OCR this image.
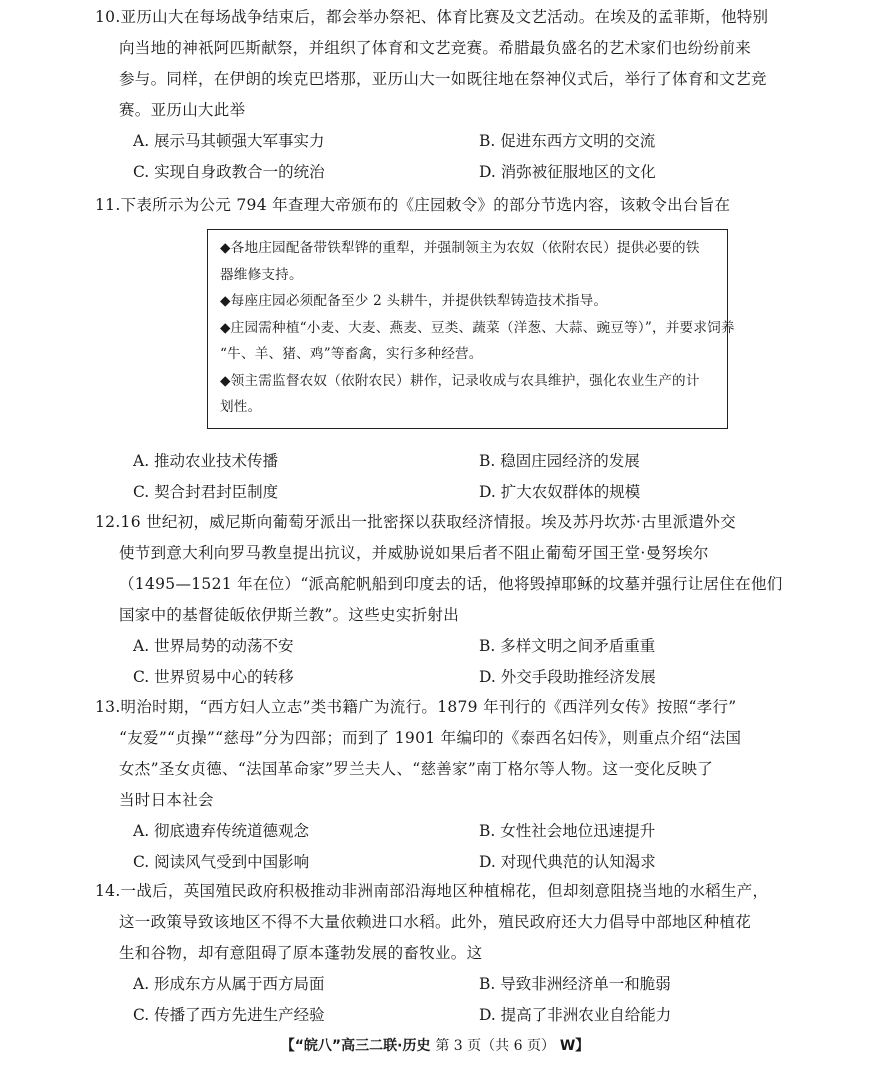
10.亚历山大在每场战争结束后，都会举办祭祀、体育比赛及文艺活动。在埃及的孟菲斯，他特别
向当地的神祇阿匹斯献祭，并组织了体育和文艺竞赛。希腊最负盛名的艺术家们也纷纷前来
参与。同样，在伊朗的埃克巴塔那，亚历山大一如既往地在祭神仪式后，举行了体育和文艺竞
赛。亚历山大此举
A. 展示马其顿强大军事实力	B. 促进东西方文明的交流
C. 实现自身政教合一的统治	D. 消弥被征服地区的文化
11.下表所示为公元 794 年查理大帝颁布的《庄园敕令》的部分节选内容，该敕令出台旨在
◆各地庄园配备带铁犁铧的重犁，并强制领主为农奴（依附农民）提供必要的铁
器维修支持。
◆每座庄园必须配备至少 2 头耕牛，并提供铁犁铸造技术指导。
◆庄园需种植“小麦、大麦、燕麦、豆类、蔬菜（洋葱、大蒜、豌豆等）”，并要求饲养
“牛、羊、猪、鸡”等畜禽，实行多种经营。
◆领主需监督农奴（依附农民）耕作，记录收成与农具维护，强化农业生产的计
划性。
A. 推动农业技术传播	B. 稳固庄园经济的发展
C. 契合封君封臣制度	D. 扩大农奴群体的规模
12.16 世纪初，威尼斯向葡萄牙派出一批密探以获取经济情报。埃及苏丹坎苏·古里派遣外交
使节到意大利向罗马教皇提出抗议，并威胁说如果后者不阻止葡萄牙国王堂·曼努埃尔
（1495—1521 年在位）“派高舵帆船到印度去的话，他将毁掉耶稣的坟墓并强行让居住在他们
国家中的基督徒皈依伊斯兰教”。这些史实折射出
A. 世界局势的动荡不安	B. 多样文明之间矛盾重重
C. 世界贸易中心的转移	D. 外交手段助推经济发展
13.明治时期，“西方妇人立志”类书籍广为流行。1879 年刊行的《西洋列女传》按照“孝行”
“友爱”“贞操”“慈母”分为四部；而到了 1901 年编印的《泰西名妇传》，则重点介绍“法国
女杰”圣女贞德、“法国革命家”罗兰夫人、“慈善家”南丁格尔等人物。这一变化反映了
当时日本社会
A. 彻底遗弃传统道德观念	B. 女性社会地位迅速提升
C. 阅读风气受到中国影响	D. 对现代典范的认知渴求
14.一战后，英国殖民政府积极推动非洲南部沿海地区种植棉花，但却刻意阻挠当地的水稻生产，
这一政策导致该地区不得不大量依赖进口水稻。此外，殖民政府还大力倡导中部地区种植花
生和谷物，却有意阻碍了原本蓬勃发展的畜牧业。这
A. 形成东方从属于西方局面	B. 导致非洲经济单一和脆弱
C. 传播了西方先进生产经验	D. 提高了非洲农业自给能力
【“皖八”高三二联·历史 第 3 页（共 6 页） W】
